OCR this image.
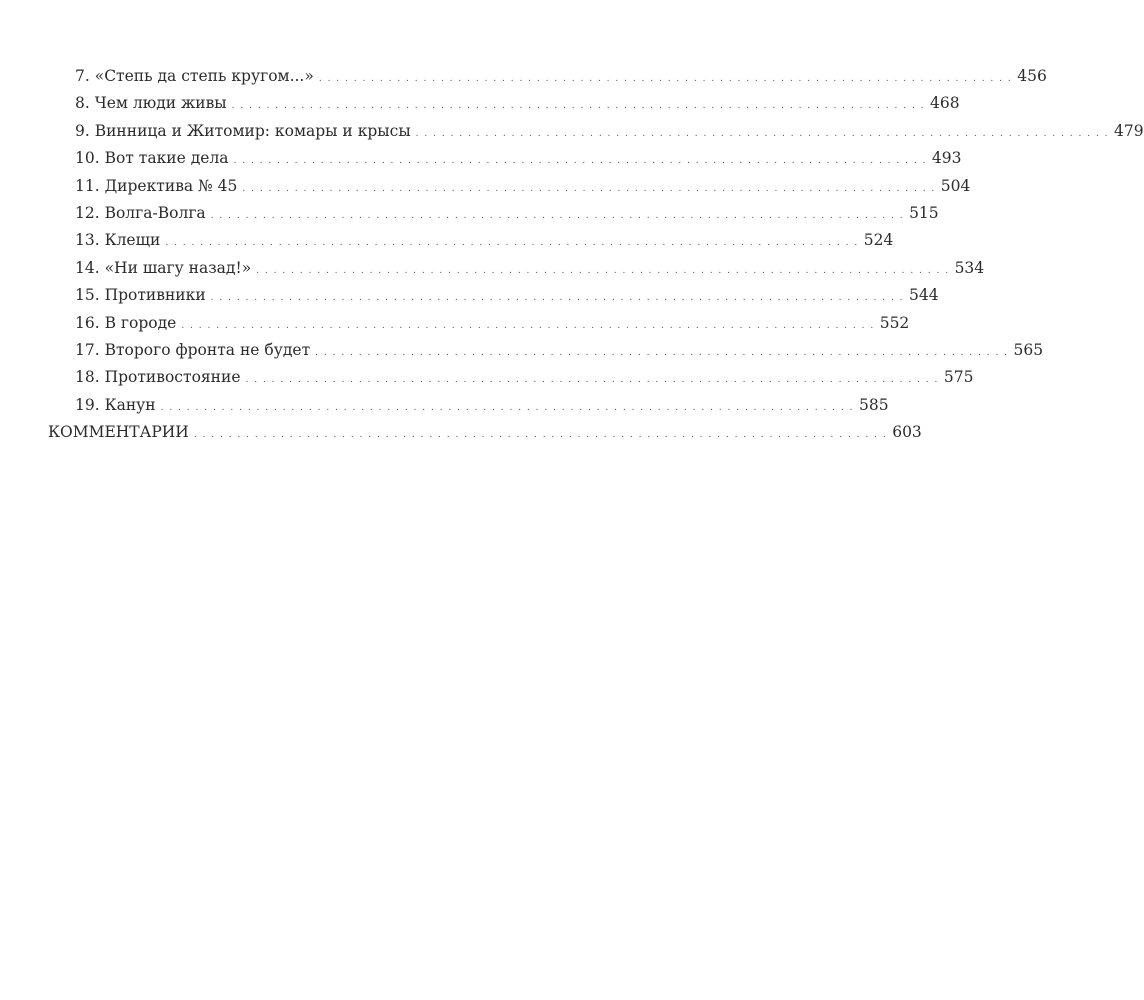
7. «Степь да степь кругом...» . . . . . . . . . . . . . . . . . . . . . . . . . . . . . . . . . . . . . . . . . . . . . . . . . . . . . . . . . . . . . . . . . . . . . . . . . . . . . . . . 456
8. Чем люди живы . . . . . . . . . . . . . . . . . . . . . . . . . . . . . . . . . . . . . . . . . . . . . . . . . . . . . . . . . . . . . . . . . . . . . . . . . . . . . . . . 468
9. Винница и Житомир: комары и крысы . . . . . . . . . . . . . . . . . . . . . . . . . . . . . . . . . . . . . . . . . . . . . . . . . . . . . . . . . . . . . . . . . . . . . . . . . . . . . . . . 479
10. Вот такие дела . . . . . . . . . . . . . . . . . . . . . . . . . . . . . . . . . . . . . . . . . . . . . . . . . . . . . . . . . . . . . . . . . . . . . . . . . . . . . . . . 493
11. Директива № 45 . . . . . . . . . . . . . . . . . . . . . . . . . . . . . . . . . . . . . . . . . . . . . . . . . . . . . . . . . . . . . . . . . . . . . . . . . . . . . . . . 504
12. Волга-Волга . . . . . . . . . . . . . . . . . . . . . . . . . . . . . . . . . . . . . . . . . . . . . . . . . . . . . . . . . . . . . . . . . . . . . . . . . . . . . . . . 515
13. Клещи . . . . . . . . . . . . . . . . . . . . . . . . . . . . . . . . . . . . . . . . . . . . . . . . . . . . . . . . . . . . . . . . . . . . . . . . . . . . . . . . 524
14. «Ни шагу назад!» . . . . . . . . . . . . . . . . . . . . . . . . . . . . . . . . . . . . . . . . . . . . . . . . . . . . . . . . . . . . . . . . . . . . . . . . . . . . . . . . 534
15. Противники . . . . . . . . . . . . . . . . . . . . . . . . . . . . . . . . . . . . . . . . . . . . . . . . . . . . . . . . . . . . . . . . . . . . . . . . . . . . . . . . 544
16. В городе . . . . . . . . . . . . . . . . . . . . . . . . . . . . . . . . . . . . . . . . . . . . . . . . . . . . . . . . . . . . . . . . . . . . . . . . . . . . . . . . 552
17. Второго фронта не будет . . . . . . . . . . . . . . . . . . . . . . . . . . . . . . . . . . . . . . . . . . . . . . . . . . . . . . . . . . . . . . . . . . . . . . . . . . . . . . . . 565
18. Противостояние . . . . . . . . . . . . . . . . . . . . . . . . . . . . . . . . . . . . . . . . . . . . . . . . . . . . . . . . . . . . . . . . . . . . . . . . . . . . . . . . 575
19. Канун . . . . . . . . . . . . . . . . . . . . . . . . . . . . . . . . . . . . . . . . . . . . . . . . . . . . . . . . . . . . . . . . . . . . . . . . . . . . . . . . 585
КОММЕНТАРИИ . . . . . . . . . . . . . . . . . . . . . . . . . . . . . . . . . . . . . . . . . . . . . . . . . . . . . . . . . . . . . . . . . . . . . . . . . . . . . . . . 603
